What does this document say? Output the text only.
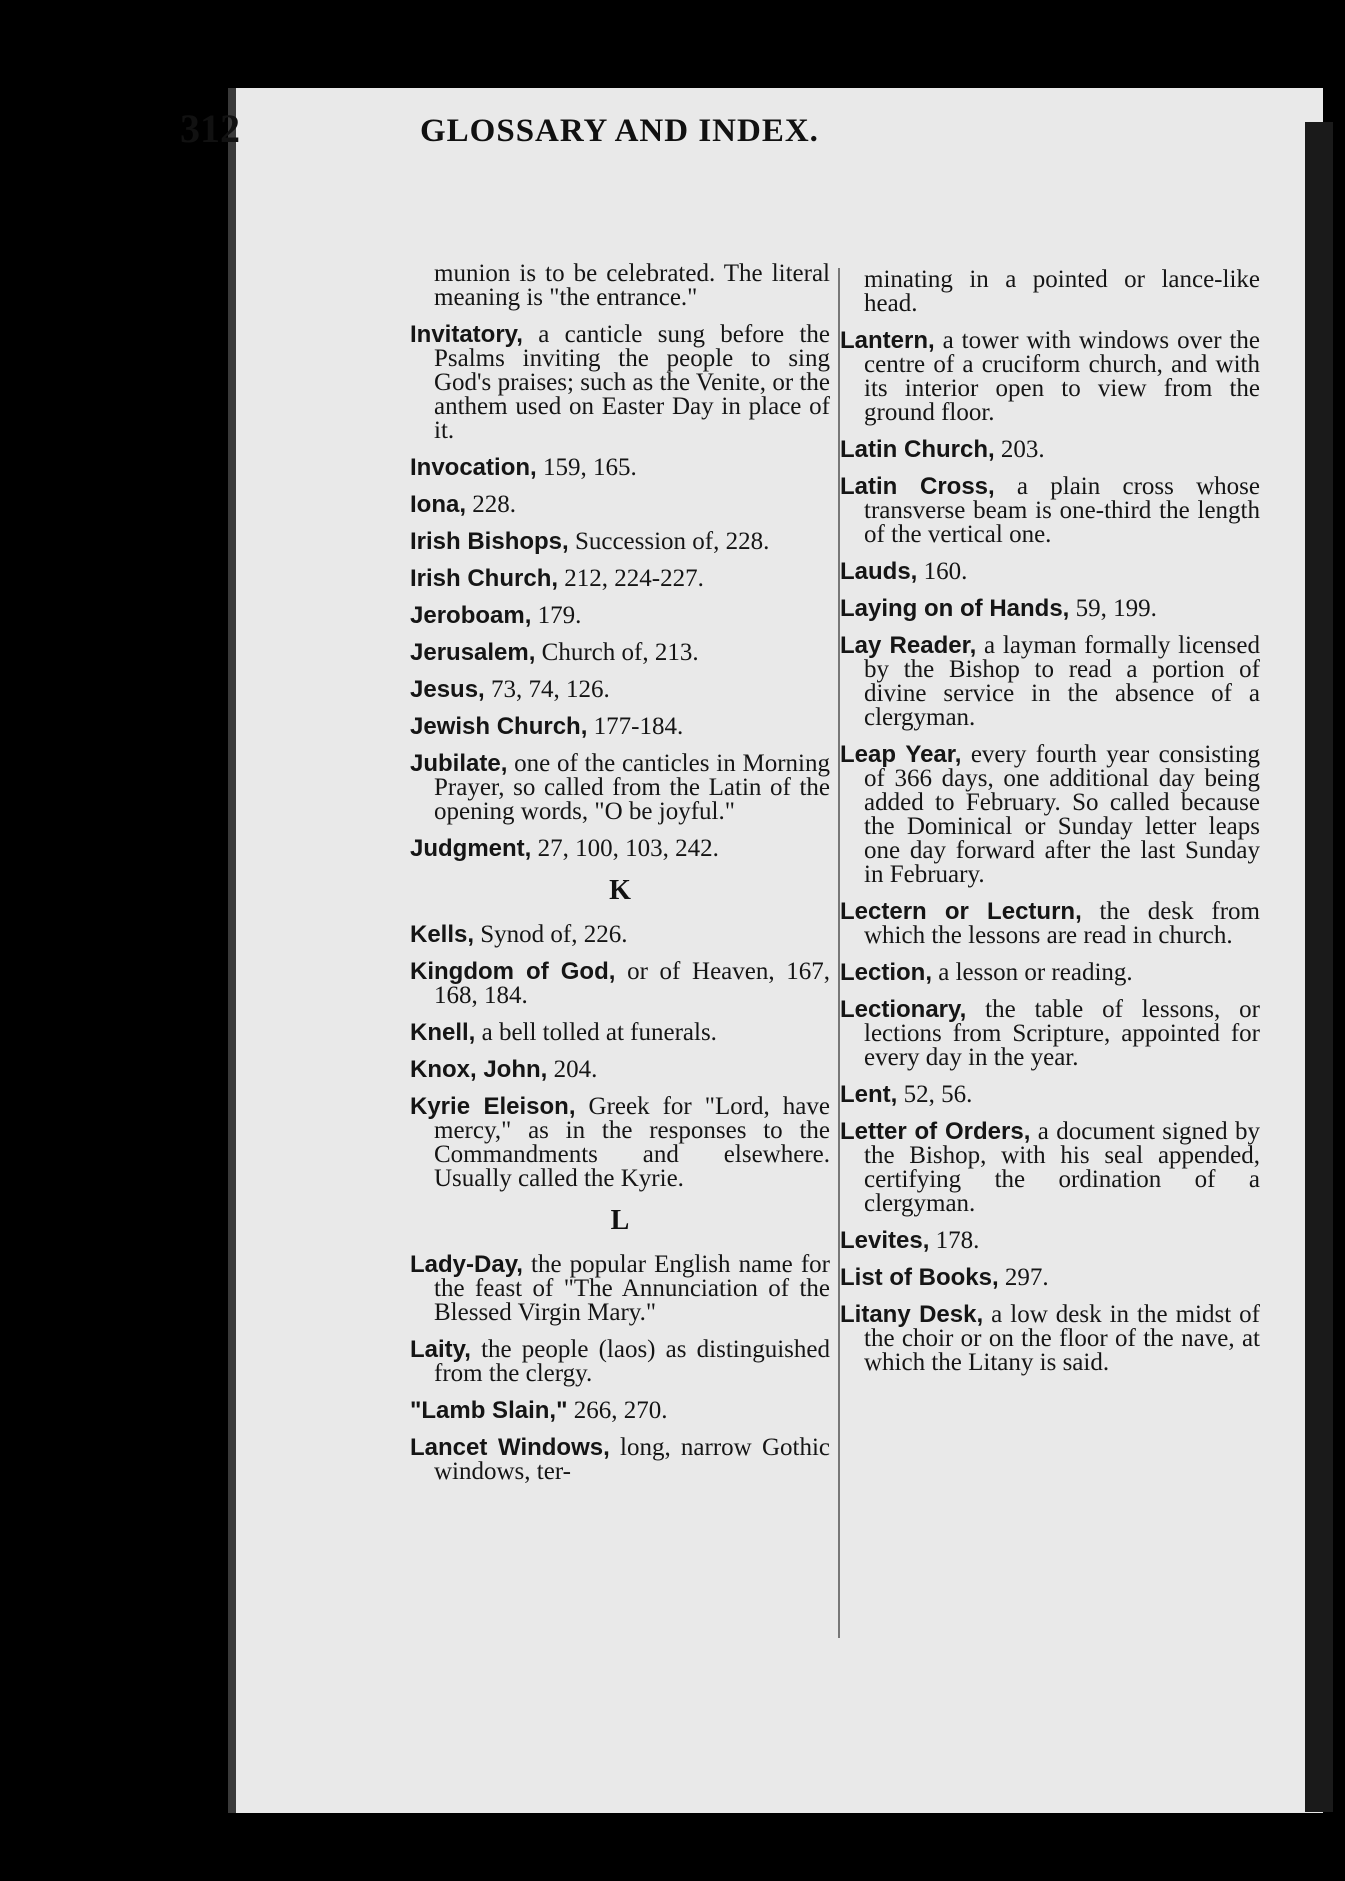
312	GLOSSARY AND INDEX.
munion is to be celebrated. The literal meaning is "the entrance."
Invitatory, a canticle sung before the Psalms inviting the people to sing God's praises; such as the Venite, or the anthem used on Easter Day in place of it.
Invocation, 159, 165.
Iona, 228.
Irish Bishops, Succession of, 228.
Irish Church, 212, 224-227.
Jeroboam, 179.
Jerusalem, Church of, 213.
Jesus, 73, 74, 126.
Jewish Church, 177-184.
Jubilate, one of the canticles in Morning Prayer, so called from the Latin of the opening words, "O be joyful."
Judgment, 27, 100, 103, 242.
K
Kells, Synod of, 226.
Kingdom of God, or of Heaven, 167, 168, 184.
Knell, a bell tolled at funerals.
Knox, John, 204.
Kyrie Eleison, Greek for "Lord, have mercy," as in the responses to the Commandments and elsewhere. Usually called the Kyrie.
L
Lady-Day, the popular English name for the feast of "The Annunciation of the Blessed Virgin Mary."
Laity, the people (laos) as distinguished from the clergy.
"Lamb Slain," 266, 270.
Lancet Windows, long, narrow Gothic windows, ter-
minating in a pointed or lance-like head.
Lantern, a tower with windows over the centre of a cruciform church, and with its interior open to view from the ground floor.
Latin Church, 203.
Latin Cross, a plain cross whose transverse beam is one-third the length of the vertical one.
Lauds, 160.
Laying on of Hands, 59, 199.
Lay Reader, a layman formally licensed by the Bishop to read a portion of divine service in the absence of a clergyman.
Leap Year, every fourth year consisting of 366 days, one additional day being added to February. So called because the Dominical or Sunday letter leaps one day forward after the last Sunday in February.
Lectern or Lecturn, the desk from which the lessons are read in church.
Lection, a lesson or reading.
Lectionary, the table of lessons, or lections from Scripture, appointed for every day in the year.
Lent, 52, 56.
Letter of Orders, a document signed by the Bishop, with his seal appended, certifying the ordination of a clergyman.
Levites, 178.
List of Books, 297.
Litany Desk, a low desk in the midst of the choir or on the floor of the nave, at which the Litany is said.
